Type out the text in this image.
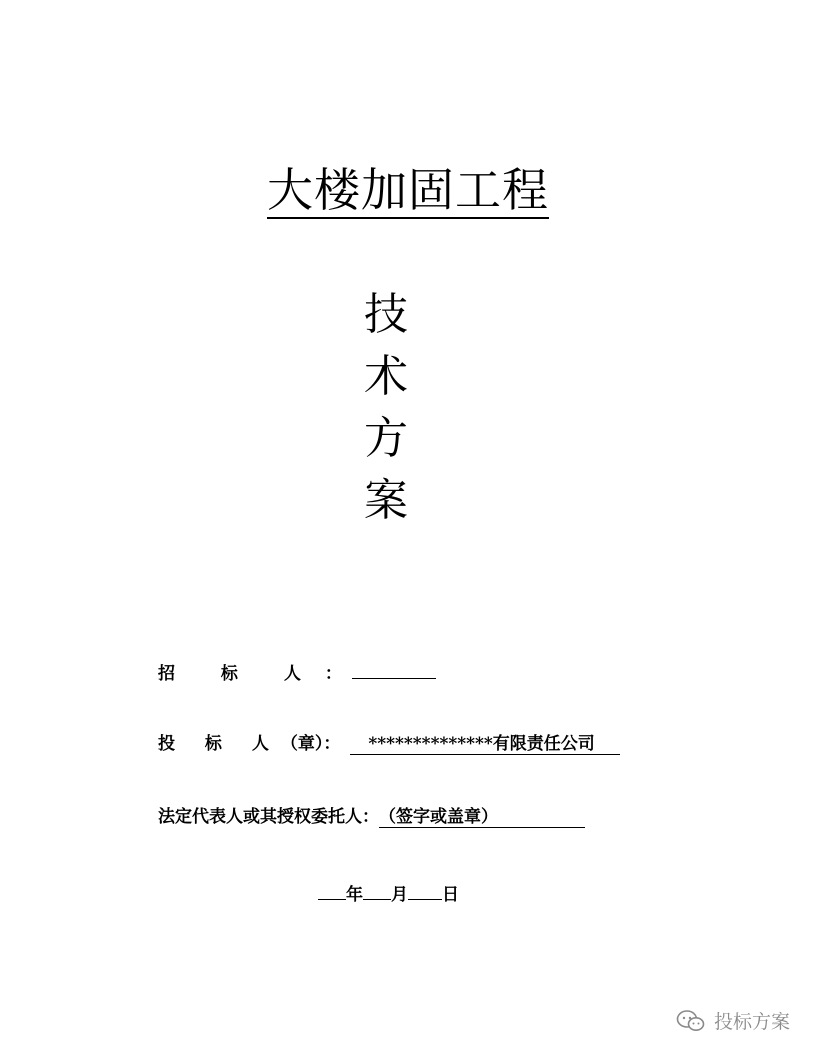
大楼加固工程
技
术
方
案
招 标 人 ：
投 标 人（章）： **************有限责任公司
法定代表人或其授权委托人：（签字或盖章）
年 月 日
投标方案
